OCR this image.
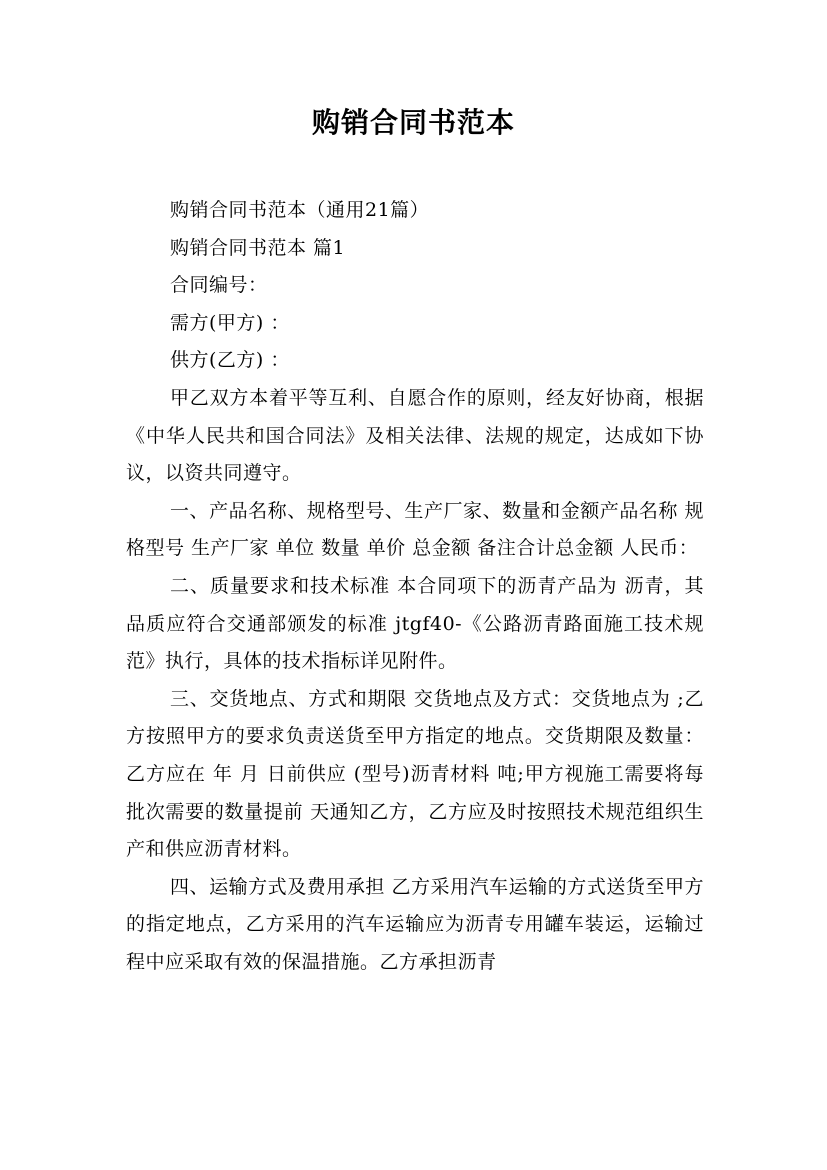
购销合同书范本

购销合同书范本（通用21篇）

购销合同书范本 篇1

合同编号：

需方(甲方) ：

供方(乙方) ：

甲乙双方本着平等互利、自愿合作的原则，经友好协商，根据《中华人民共和国合同法》及相关法律、法规的规定，达成如下协议，以资共同遵守。

一、产品名称、规格型号、生产厂家、数量和金额产品名称 规格型号 生产厂家 单位 数量 单价 总金额 备注合计总金额 人民币：

二、质量要求和技术标准 本合同项下的沥青产品为 沥青，其品质应符合交通部颁发的标准 jtgf40-《公路沥青路面施工技术规范》执行，具体的技术指标详见附件。

三、交货地点、方式和期限 交货地点及方式：交货地点为 ;乙方按照甲方的要求负责送货至甲方指定的地点。交货期限及数量：乙方应在 年 月 日前供应 (型号)沥青材料 吨;甲方视施工需要将每批次需要的数量提前 天通知乙方，乙方应及时按照技术规范组织生产和供应沥青材料。

四、运输方式及费用承担 乙方采用汽车运输的方式送货至甲方的指定地点，乙方采用的汽车运输应为沥青专用罐车装运，运输过程中应采取有效的保温措施。乙方承担沥青
